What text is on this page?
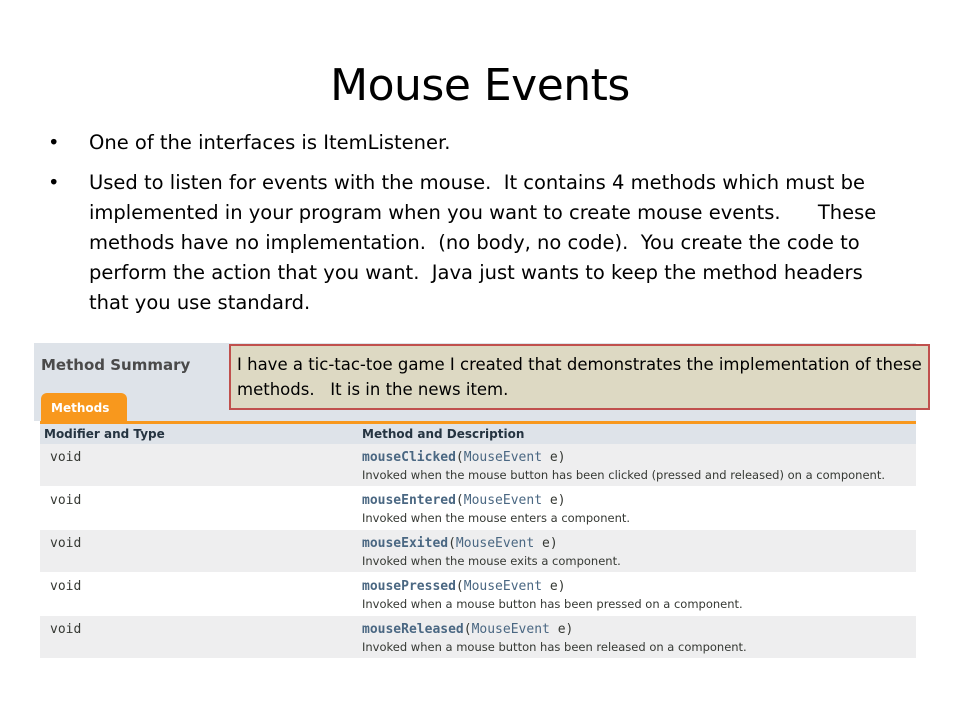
Mouse Events
• One of the interfaces is ItemListener.
• Used to listen for events with the mouse.  It contains 4 methods which must be implemented in your program when you want to create mouse events.      These methods have no implementation.  (no body, no code).  You create the code to perform the action that you want.  Java just wants to keep the method headers that you use standard.
Method Summary
Methods
Modifier and Type	Method and Description
void	mouseClicked(MouseEvent e)
Invoked when the mouse button has been clicked (pressed and released) on a component.
void	mouseEntered(MouseEvent e)
Invoked when the mouse enters a component.
void	mouseExited(MouseEvent e)
Invoked when the mouse exits a component.
void	mousePressed(MouseEvent e)
Invoked when a mouse button has been pressed on a component.
void	mouseReleased(MouseEvent e)
Invoked when a mouse button has been released on a component.
I have a tic-tac-toe game I created that demonstrates the implementation of these methods.   It is in the news item.
